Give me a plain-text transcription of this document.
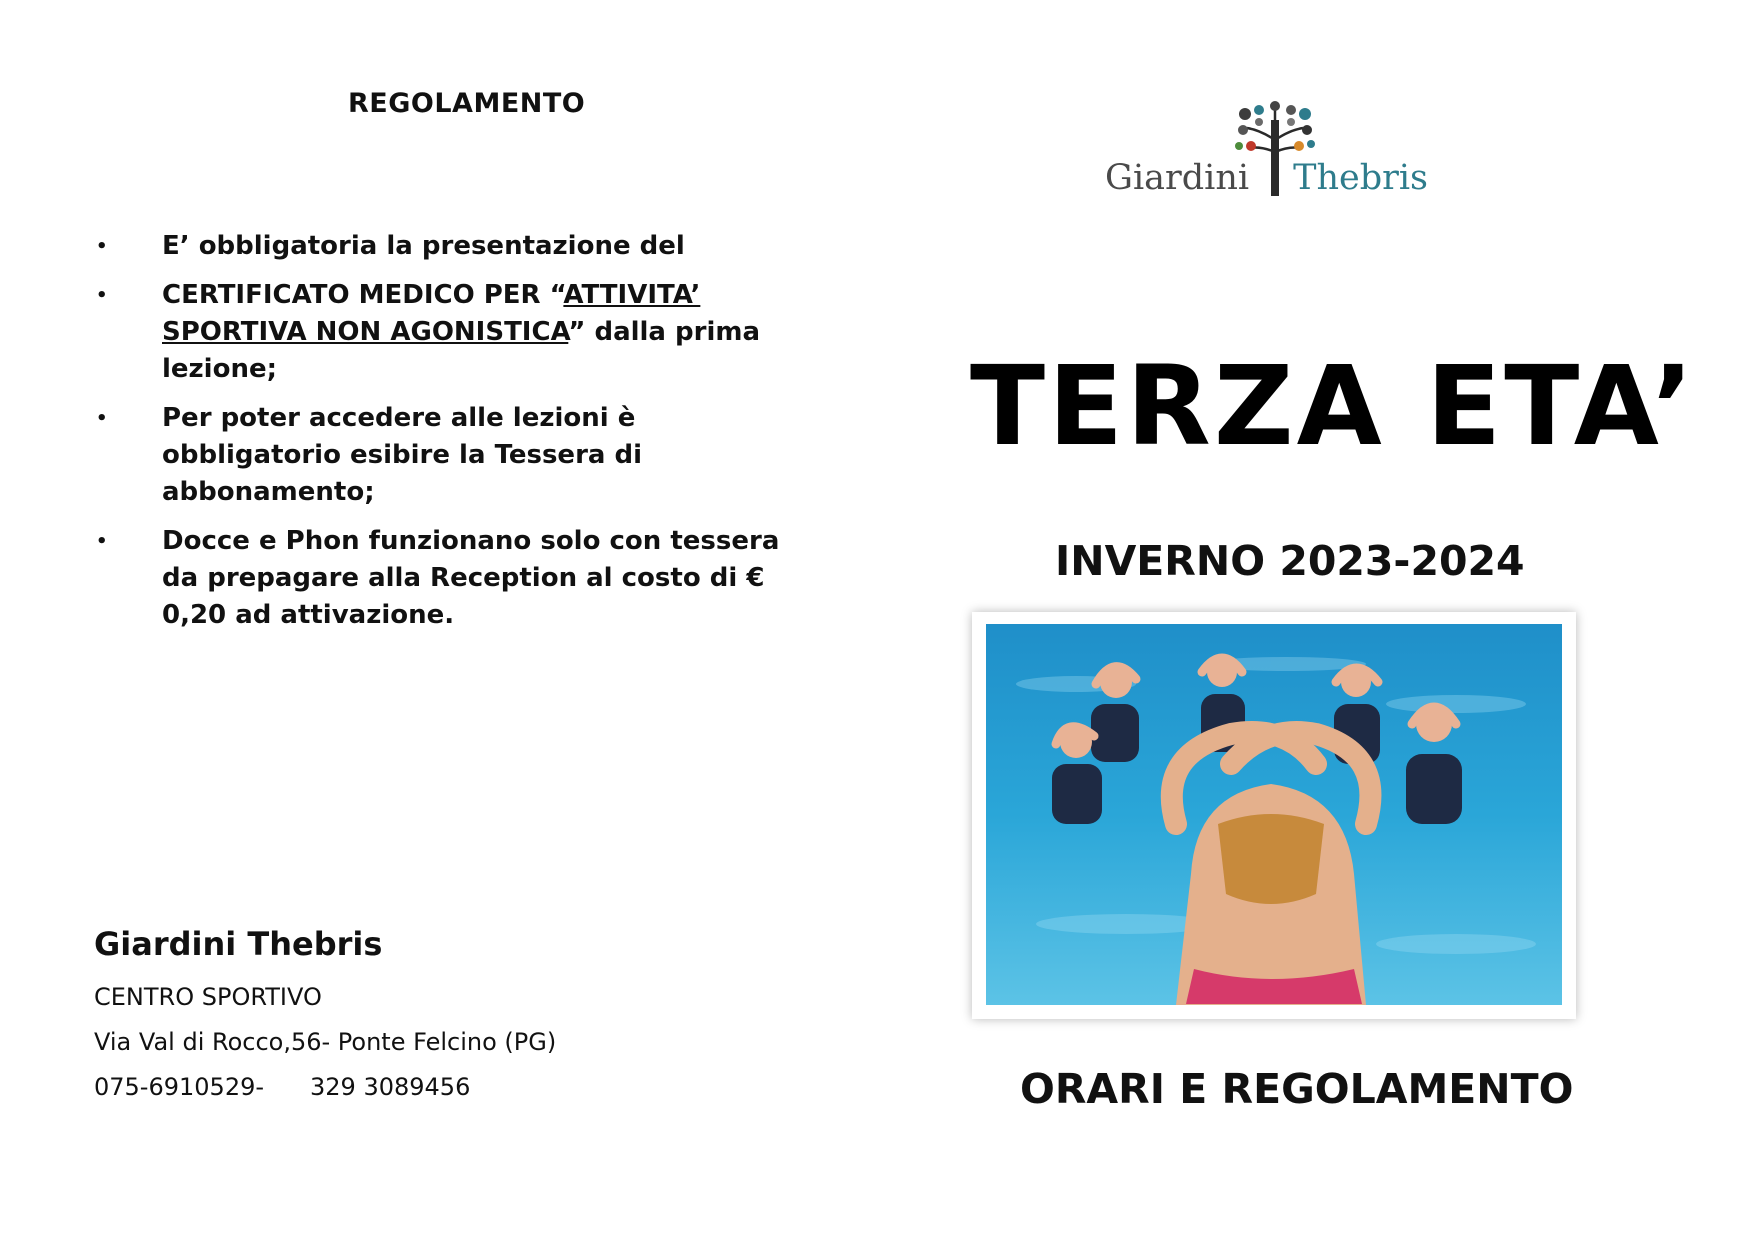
REGOLAMENTO
• E’ obbligatoria la presentazione del
• CERTIFICATO MEDICO PER “ATTIVITA’ SPORTIVA NON AGONISTICA” dalla prima lezione;
• Per poter accedere alle lezioni è obbligatorio esibire la Tessera di abbonamento;
• Docce e Phon funzionano solo con tessera da prepagare alla Reception al costo di € 0,20 ad attivazione.
Giardini Thebris
CENTRO SPORTIVO
Via Val di Rocco,56- Ponte Felcino (PG)
075-6910529- 329 3089456
Giardini Thebris
TERZA ETA’
INVERNO 2023-2024
ORARI E REGOLAMENTO
